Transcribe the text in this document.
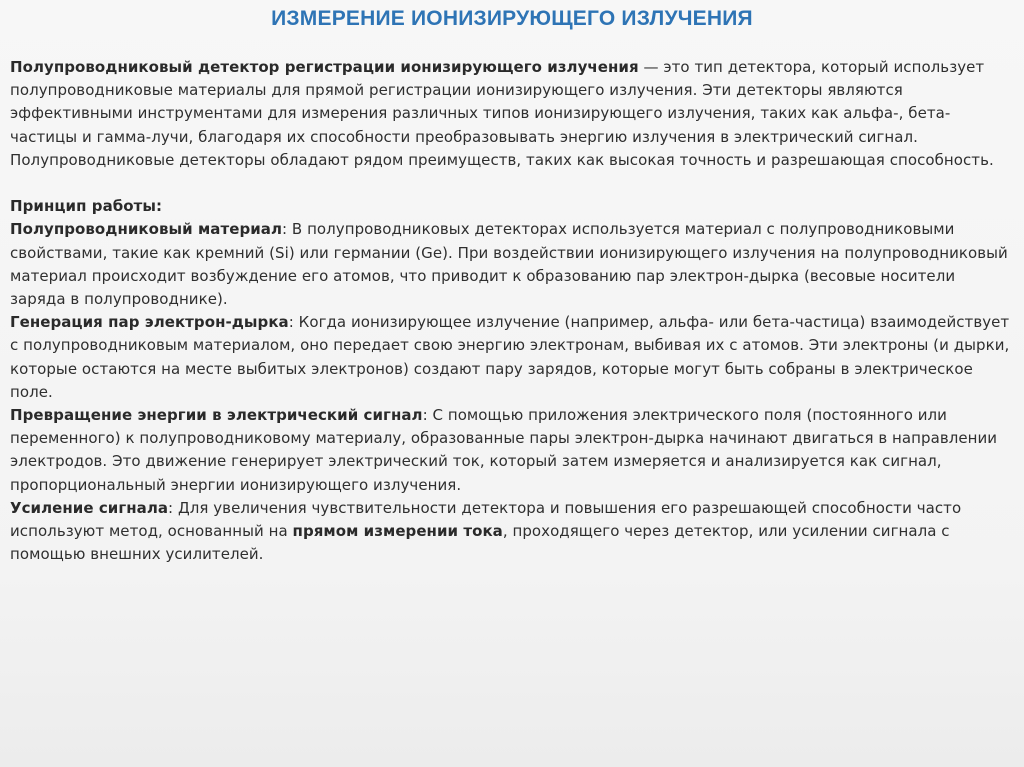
ИЗМЕРЕНИЕ ИОНИЗИРУЮЩЕГО ИЗЛУЧЕНИЯ

Полупроводниковый детектор регистрации ионизирующего излучения — это тип детектора, который использует полупроводниковые материалы для прямой регистрации ионизирующего излучения. Эти детекторы являются эффективными инструментами для измерения различных типов ионизирующего излучения, таких как альфа-, бета-частицы и гамма-лучи, благодаря их способности преобразовывать энергию излучения в электрический сигнал. Полупроводниковые детекторы обладают рядом преимуществ, таких как высокая точность и разрешающая способность.

Принцип работы:

Полупроводниковый материал: В полупроводниковых детекторах используется материал с полупроводниковыми свойствами, такие как кремний (Si) или германии (Ge). При воздействии ионизирующего излучения на полупроводниковый материал происходит возбуждение его атомов, что приводит к образованию пар электрон-дырка (весовые носители заряда в полупроводнике).

Генерация пар электрон-дырка: Когда ионизирующее излучение (например, альфа- или бета-частица) взаимодействует с полупроводниковым материалом, оно передает свою энергию электронам, выбивая их с атомов. Эти электроны (и дырки, которые остаются на месте выбитых электронов) создают пару зарядов, которые могут быть собраны в электрическое поле.

Превращение энергии в электрический сигнал: С помощью приложения электрического поля (постоянного или переменного) к полупроводниковому материалу, образованные пары электрон-дырка начинают двигаться в направлении электродов. Это движение генерирует электрический ток, который затем измеряется и анализируется как сигнал, пропорциональный энергии ионизирующего излучения.

Усиление сигнала: Для увеличения чувствительности детектора и повышения его разрешающей способности часто используют метод, основанный на прямом измерении тока, проходящего через детектор, или усилении сигнала с помощью внешних усилителей.
